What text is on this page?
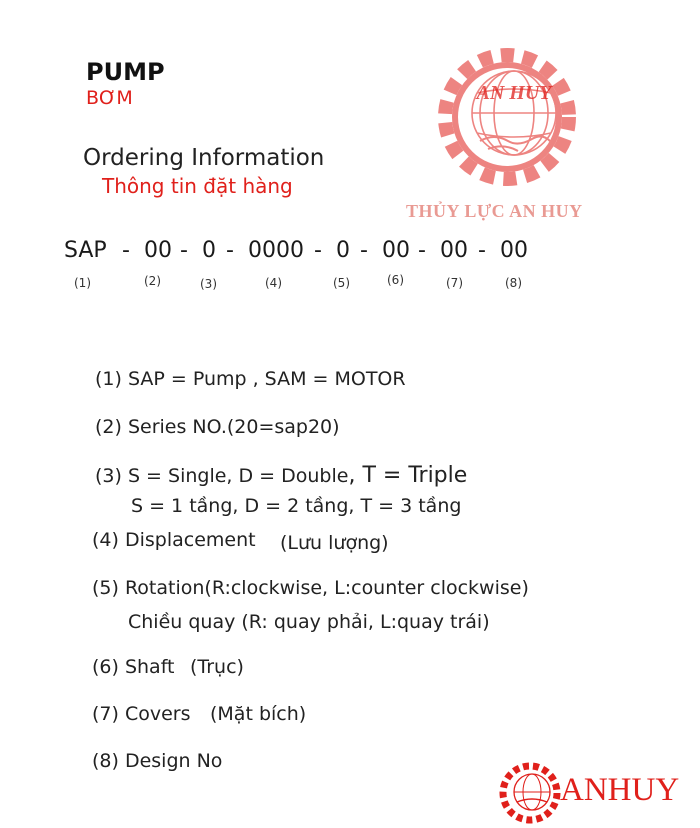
PUMP
BƠM
Ordering Information
Thông tin đặt hàng
AN HUY
THỦY LỰC AN HUY
SAP - 00 - 0 - 0000 - 0 - 00 - 00 - 00
(1)	(2)	(3)	(4)	(5)	(6)	(7)	(8)
(1) SAP = Pump , SAM = MOTOR
(2) Series NO.(20=sap20)
(3) S = Single, D = Double, T = Triple
S = 1 tầng, D = 2 tầng, T = 3 tầng
(4) Displacement (Lưu lượng)
(5) Rotation(R:clockwise, L:counter clockwise)
Chiều quay (R: quay phải, L:quay trái)
(6) Shaft (Trục)
(7) Covers (Mặt bích)
(8) Design No
ANHUY
